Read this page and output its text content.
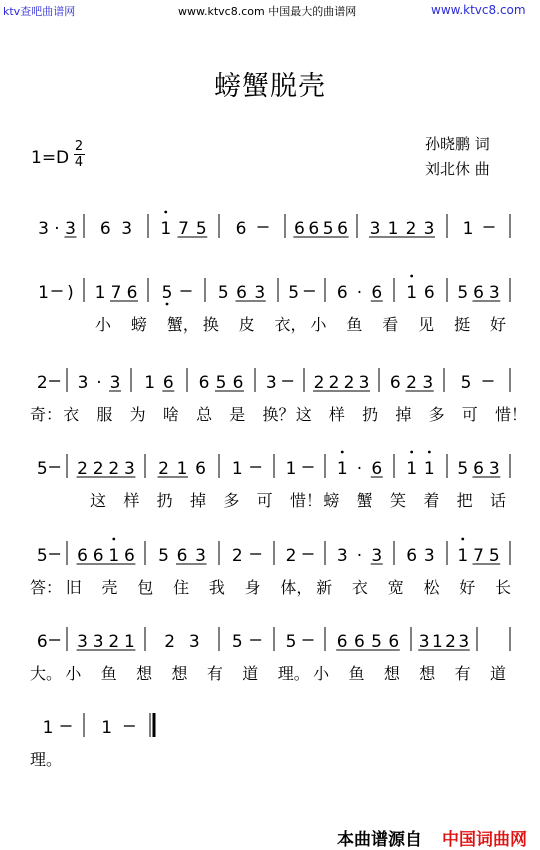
ktv查吧曲谱网	www.ktvc8.com 中国最大的曲谱网	www.ktvc8.com
螃蟹脱壳
孙晓鹏 词
刘北休 曲
1=D
2
4
3 · 3 6 3 1 7 5 6	6 6 5 6 3 1 2 3 1
1 ) 1 7 6 5	5 6 3 5 6 · 6 1 6 5 6 3
小 螃 蟹， 换 皮 衣， 小 鱼 看 见 挺 好
2 3 · 3 1 6 6 5 6 3 2 2 2 3 6 2 3 5
奇： 衣 服 为 啥 总 是 换？ 这 样 扔 掉 多 可 惜！
5 2 2 2 3 2 1 6 1	1 1 · 6 1 1 5 6 3
这 样 扔 掉 多 可 惜！ 螃 蟹 笑 着 把 话
5 6 6 1 6 5 6 3 2	2 3 · 3 6 3 1 7 5
答： 旧 壳 包 住 我 身 体， 新 衣 宽 松 好 长
6 3 3 2 1 2 3 5	5 6 6 5 6 3 1 2 3
大。 小 鱼 想 想 有 道 理。 小 鱼 想 想 有 道
1	1
理。
本曲谱源自 中国词曲网
